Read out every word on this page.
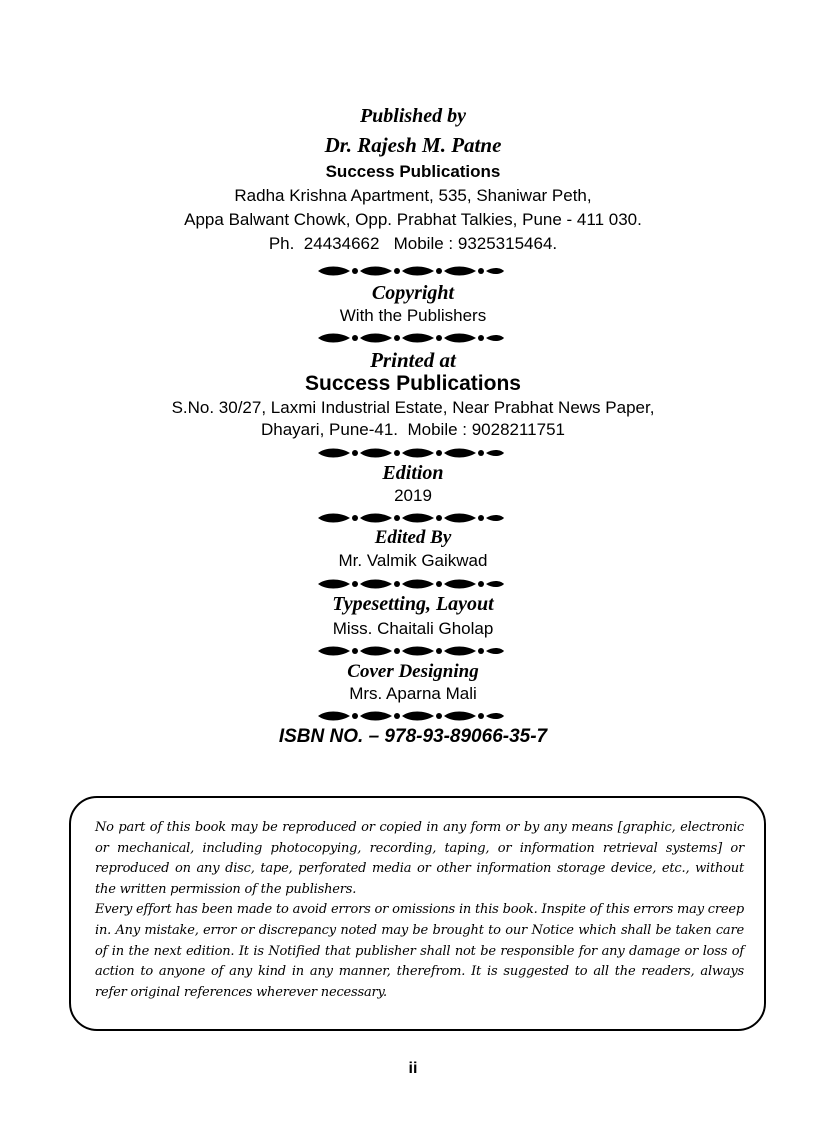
Published by
Dr. Rajesh M. Patne
Success Publications
Radha Krishna Apartment, 535, Shaniwar Peth,
Appa Balwant Chowk, Opp. Prabhat Talkies, Pune - 411 030.
Ph.  24434662   Mobile : 9325315464.
Copyright
With the Publishers
Printed at
Success Publications
S.No. 30/27, Laxmi Industrial Estate, Near Prabhat News Paper,
Dhayari, Pune-41.  Mobile : 9028211751
Edition
2019
Edited By
Mr. Valmik Gaikwad
Typesetting, Layout
Miss. Chaitali Gholap
Cover Designing
Mrs. Aparna Mali
ISBN NO. – 978-93-89066-35-7

No part of this book may be reproduced or copied in any form or by any means [graphic, electronic or mechanical, including photocopying, recording, taping, or information retrieval systems] or reproduced on any disc, tape, perforated media or other information storage device, etc., without the written permission of the publishers.

Every effort has been made to avoid errors or omissions in this book. Inspite of this errors may creep in. Any mistake, error or discrepancy noted may be brought to our Notice which shall be taken care of in the next edition. It is Notified that publisher shall not be responsible for any damage or loss of action to anyone of any kind in any manner, therefrom. It is suggested to all the readers, always refer original references wherever necessary.

ii
